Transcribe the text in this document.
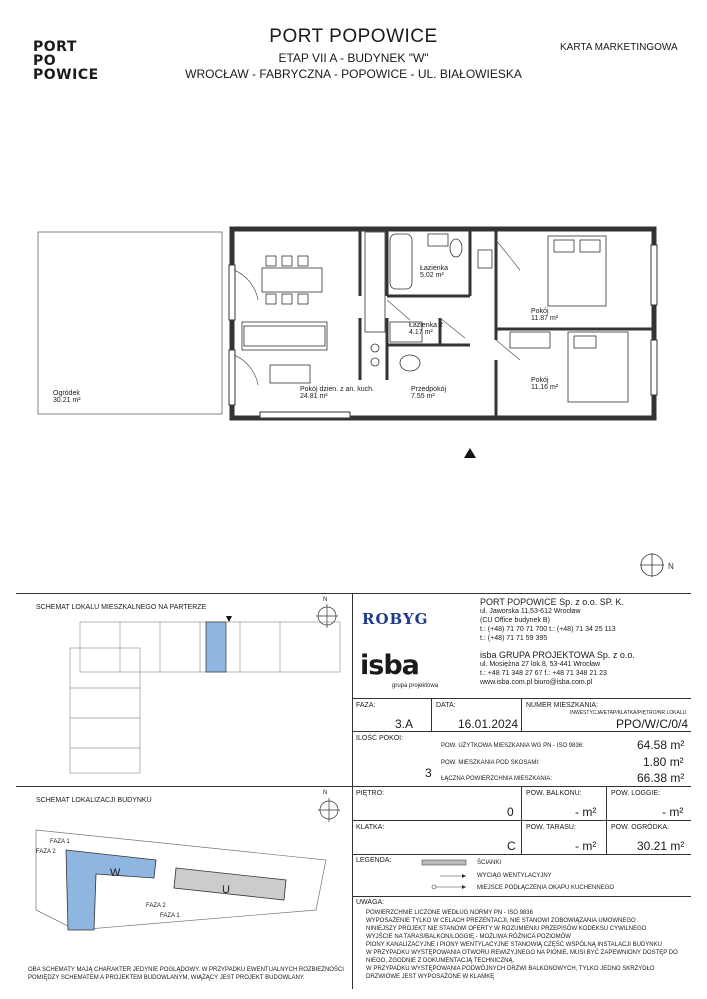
PORT
PO
POWICE
PORT POPOWICE
ETAP VII A - BUDYNEK "W"
WROCŁAW - FABRYCZNA - POPOWICE - UL. BIAŁOWIESKA
KARTA MARKETINGOWA
N
Ogródek
30.21 m²
Pokój dzien. z an. kuch.
24.81 m²
Łazienka
5.02 m²
Łazienka 2
4.17 m²
Przedpokój
7.55 m²
Pokój
11.87 m²
Pokój
11.16 m²
SCHEMAT LOKALU MIESZKALNEGO NA PARTERZE
N
SCHEMAT LOKALIZACJI BUDYNKU
N
FAZA 1
FAZA 2
W
U
FAZA 2
FAZA 1
OBA SCHEMATY MAJĄ CHARAKTER JEDYNIE POGLĄDOWY. W PRZYPADKU EWENTUALNYCH ROZBIEŻNOŚCI POMIĘDZY SCHEMATEM A PROJEKTEM BUDOWLANYM, WIĄŻĄCY JEST PROJEKT BUDOWLANY.
ROBYG
PORT POPOWICE Sp. z o.o. SP. K.
ul. Jaworska 11,53-612 Wrocław
(CU Office budynek B)
t.: (+48) 71 70 71 700 t.: (+48) 71 34 25 113
t.: (+48) 71 71 59 395
isba
grupa projektowa
isba GRUPA PROJEKTOWA Sp. z o.o.
ul. Mosiężna 27 lok.8, 53-441 Wrocław
t.: +48 71 348 27 67 f.: +48 71 348 21 23
www.isba.com.pl biuro@isba.com.pl
FAZA:
3.A
DATA:
16.01.2024
NUMER MIESZKANIA:
INWESTYCJA/ETAP/KLATKA/PIĘTRO/NR LOKALU
PPO/W/C/0/4
ILOŚĆ POKOI:
3
POW. UŻYTKOWA MIESZKANIA WG PN - ISO 9836:	64.58 m²
POW. MIESZKANIA POD SKOSAMI:	1.80 m²
ŁĄCZNA POWIERZCHNIA MIESZKANIA:	66.38 m²
PIĘTRO:
0
POW. BALKONU:
- m²
POW. LOGGIE:
- m²
KLATKA:
C
POW. TARASU:
- m²
POW. OGRÓDKA:
30.21 m²
LEGENDA:	ŚCIANKI
WYCIĄG WENTYLACYJNY
MIEJSCE PODŁĄCZENIA OKAPU KUCHENNEGO
UWAGA:
POWIERZCHNIE LICZONE WEDŁUG NORMY PN - ISO 9836
WYPOSAŻENIE TYLKO W CELACH PREZENTACJI, NIE STANOWI ZOBOWIĄZANIA UMOWNEGO
NINIEJSZY PROJEKT NIE STANOWI OFERTY W ROZUMIENIU PRZEPISÓW KODEKSU CYWILNEGO
WYJŚCIE NA TARAS/BALKON/LOGGIĘ - MOŻLIWA RÓŻNICA POZIOMÓW
PIONY KANALIZACYJNE I PIONY WENTYLACYJNE STANOWIĄ CZĘŚĆ WSPÓLNĄ INSTALACJI BUDYNKU
W PRZYPADKU WYSTĘPOWANIA OTWORU REWIZYJNEGO NA PIONIE, MUSI BYĆ ZAPEWNIONY DOSTĘP DO NIEGO, ZGODNIE Z DOKUMENTACJĄ TECHNICZNĄ.
W PRZYPADKU WYSTĘPOWANIA PODWÓJNYCH DRZWI BALKONOWYCH, TYLKO JEDNO SKRZYDŁO DRZWIOWE JEST WYPOSAŻONE W KLAMKĘ
